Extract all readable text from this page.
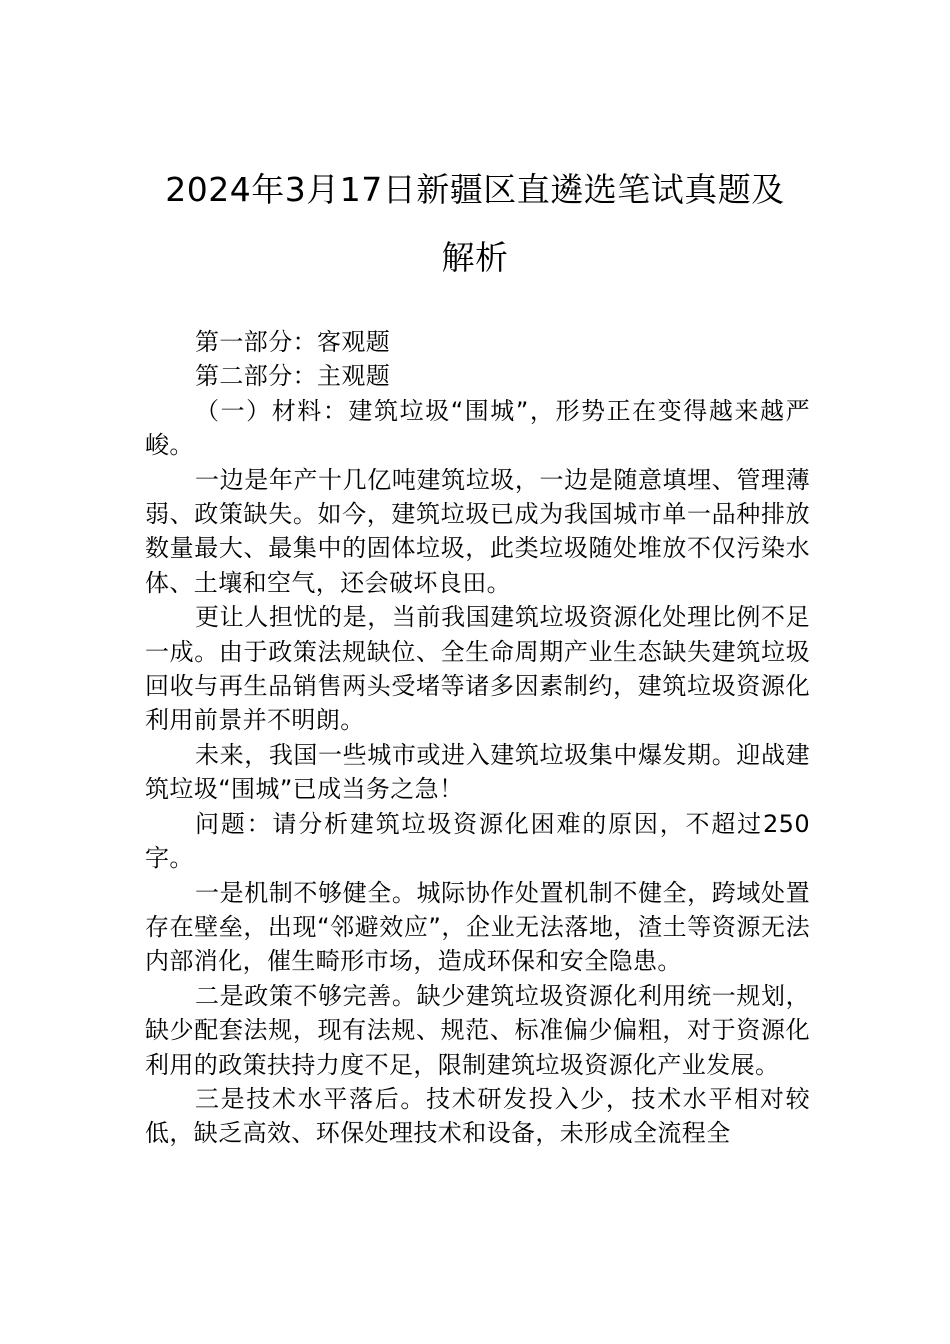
2024年3月17日新疆区直遴选笔试真题及
解析

第一部分：客观题

第二部分：主观题

（一）材料：建筑垃圾“围城”，形势正在变得越来越严峻。

一边是年产十几亿吨建筑垃圾，一边是随意填埋、管理薄弱、政策缺失。如今，建筑垃圾已成为我国城市单一品种排放数量最大、最集中的固体垃圾，此类垃圾随处堆放不仅污染水体、土壤和空气，还会破坏良田。

更让人担忧的是，当前我国建筑垃圾资源化处理比例不足一成。由于政策法规缺位、全生命周期产业生态缺失建筑垃圾回收与再生品销售两头受堵等诸多因素制约，建筑垃圾资源化利用前景并不明朗。

未来，我国一些城市或进入建筑垃圾集中爆发期。迎战建筑垃圾“围城”已成当务之急！

问题：请分析建筑垃圾资源化困难的原因，不超过250字。

一是机制不够健全。城际协作处置机制不健全，跨域处置存在壁垒，出现“邻避效应”，企业无法落地，渣土等资源无法内部消化，催生畸形市场，造成环保和安全隐患。

二是政策不够完善。缺少建筑垃圾资源化利用统一规划，缺少配套法规，现有法规、规范、标准偏少偏粗，对于资源化利用的政策扶持力度不足，限制建筑垃圾资源化产业发展。

三是技术水平落后。技术研发投入少，技术水平相对较低，缺乏高效、环保处理技术和设备，未形成全流程全
